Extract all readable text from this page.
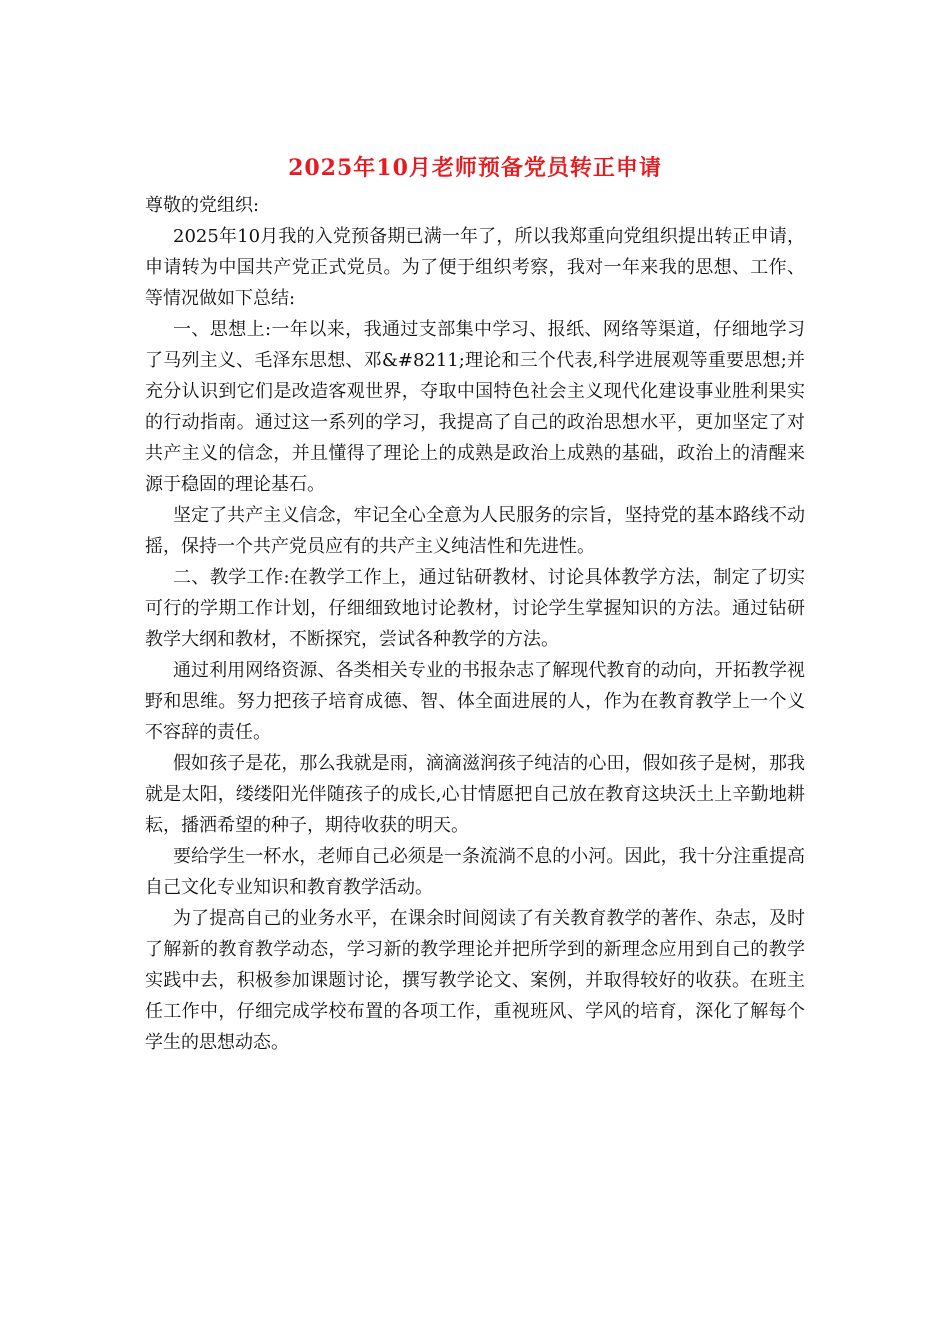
2025年10月老师预备党员转正申请

尊敬的党组织:

2025年10月我的入党预备期已满一年了，所以我郑重向党组织提出转正申请，申请转为中国共产党正式党员。为了便于组织考察，我对一年来我的思想、工作、等情况做如下总结:

一、思想上:一年以来，我通过支部集中学习、报纸、网络等渠道，仔细地学习了马列主义、毛泽东思想、邓&#8211;理论和三个代表,科学进展观等重要思想;并充分认识到它们是改造客观世界，夺取中国特色社会主义现代化建设事业胜利果实的行动指南。通过这一系列的学习，我提高了自己的政治思想水平，更加坚定了对共产主义的信念，并且懂得了理论上的成熟是政治上成熟的基础，政治上的清醒来源于稳固的理论基石。

坚定了共产主义信念，牢记全心全意为人民服务的宗旨，坚持党的基本路线不动摇，保持一个共产党员应有的共产主义纯洁性和先进性。

二、教学工作:在教学工作上，通过钻研教材、讨论具体教学方法，制定了切实可行的学期工作计划，仔细细致地讨论教材，讨论学生掌握知识的方法。通过钻研教学大纲和教材，不断探究，尝试各种教学的方法。

通过利用网络资源、各类相关专业的书报杂志了解现代教育的动向，开拓教学视野和思维。努力把孩子培育成德、智、体全面进展的人，作为在教育教学上一个义不容辞的责任。

假如孩子是花，那么我就是雨，滴滴滋润孩子纯洁的心田，假如孩子是树，那我就是太阳，缕缕阳光伴随孩子的成长,心甘情愿把自己放在教育这块沃土上辛勤地耕耘，播洒希望的种子，期待收获的明天。

要给学生一杯水，老师自己必须是一条流淌不息的小河。因此，我十分注重提高自己文化专业知识和教育教学活动。

为了提高自己的业务水平，在课余时间阅读了有关教育教学的著作、杂志，及时了解新的教育教学动态，学习新的教学理论并把所学到的新理念应用到自己的教学实践中去，积极参加课题讨论，撰写教学论文、案例，并取得较好的收获。在班主任工作中，仔细完成学校布置的各项工作，重视班风、学风的培育，深化了解每个学生的思想动态。
